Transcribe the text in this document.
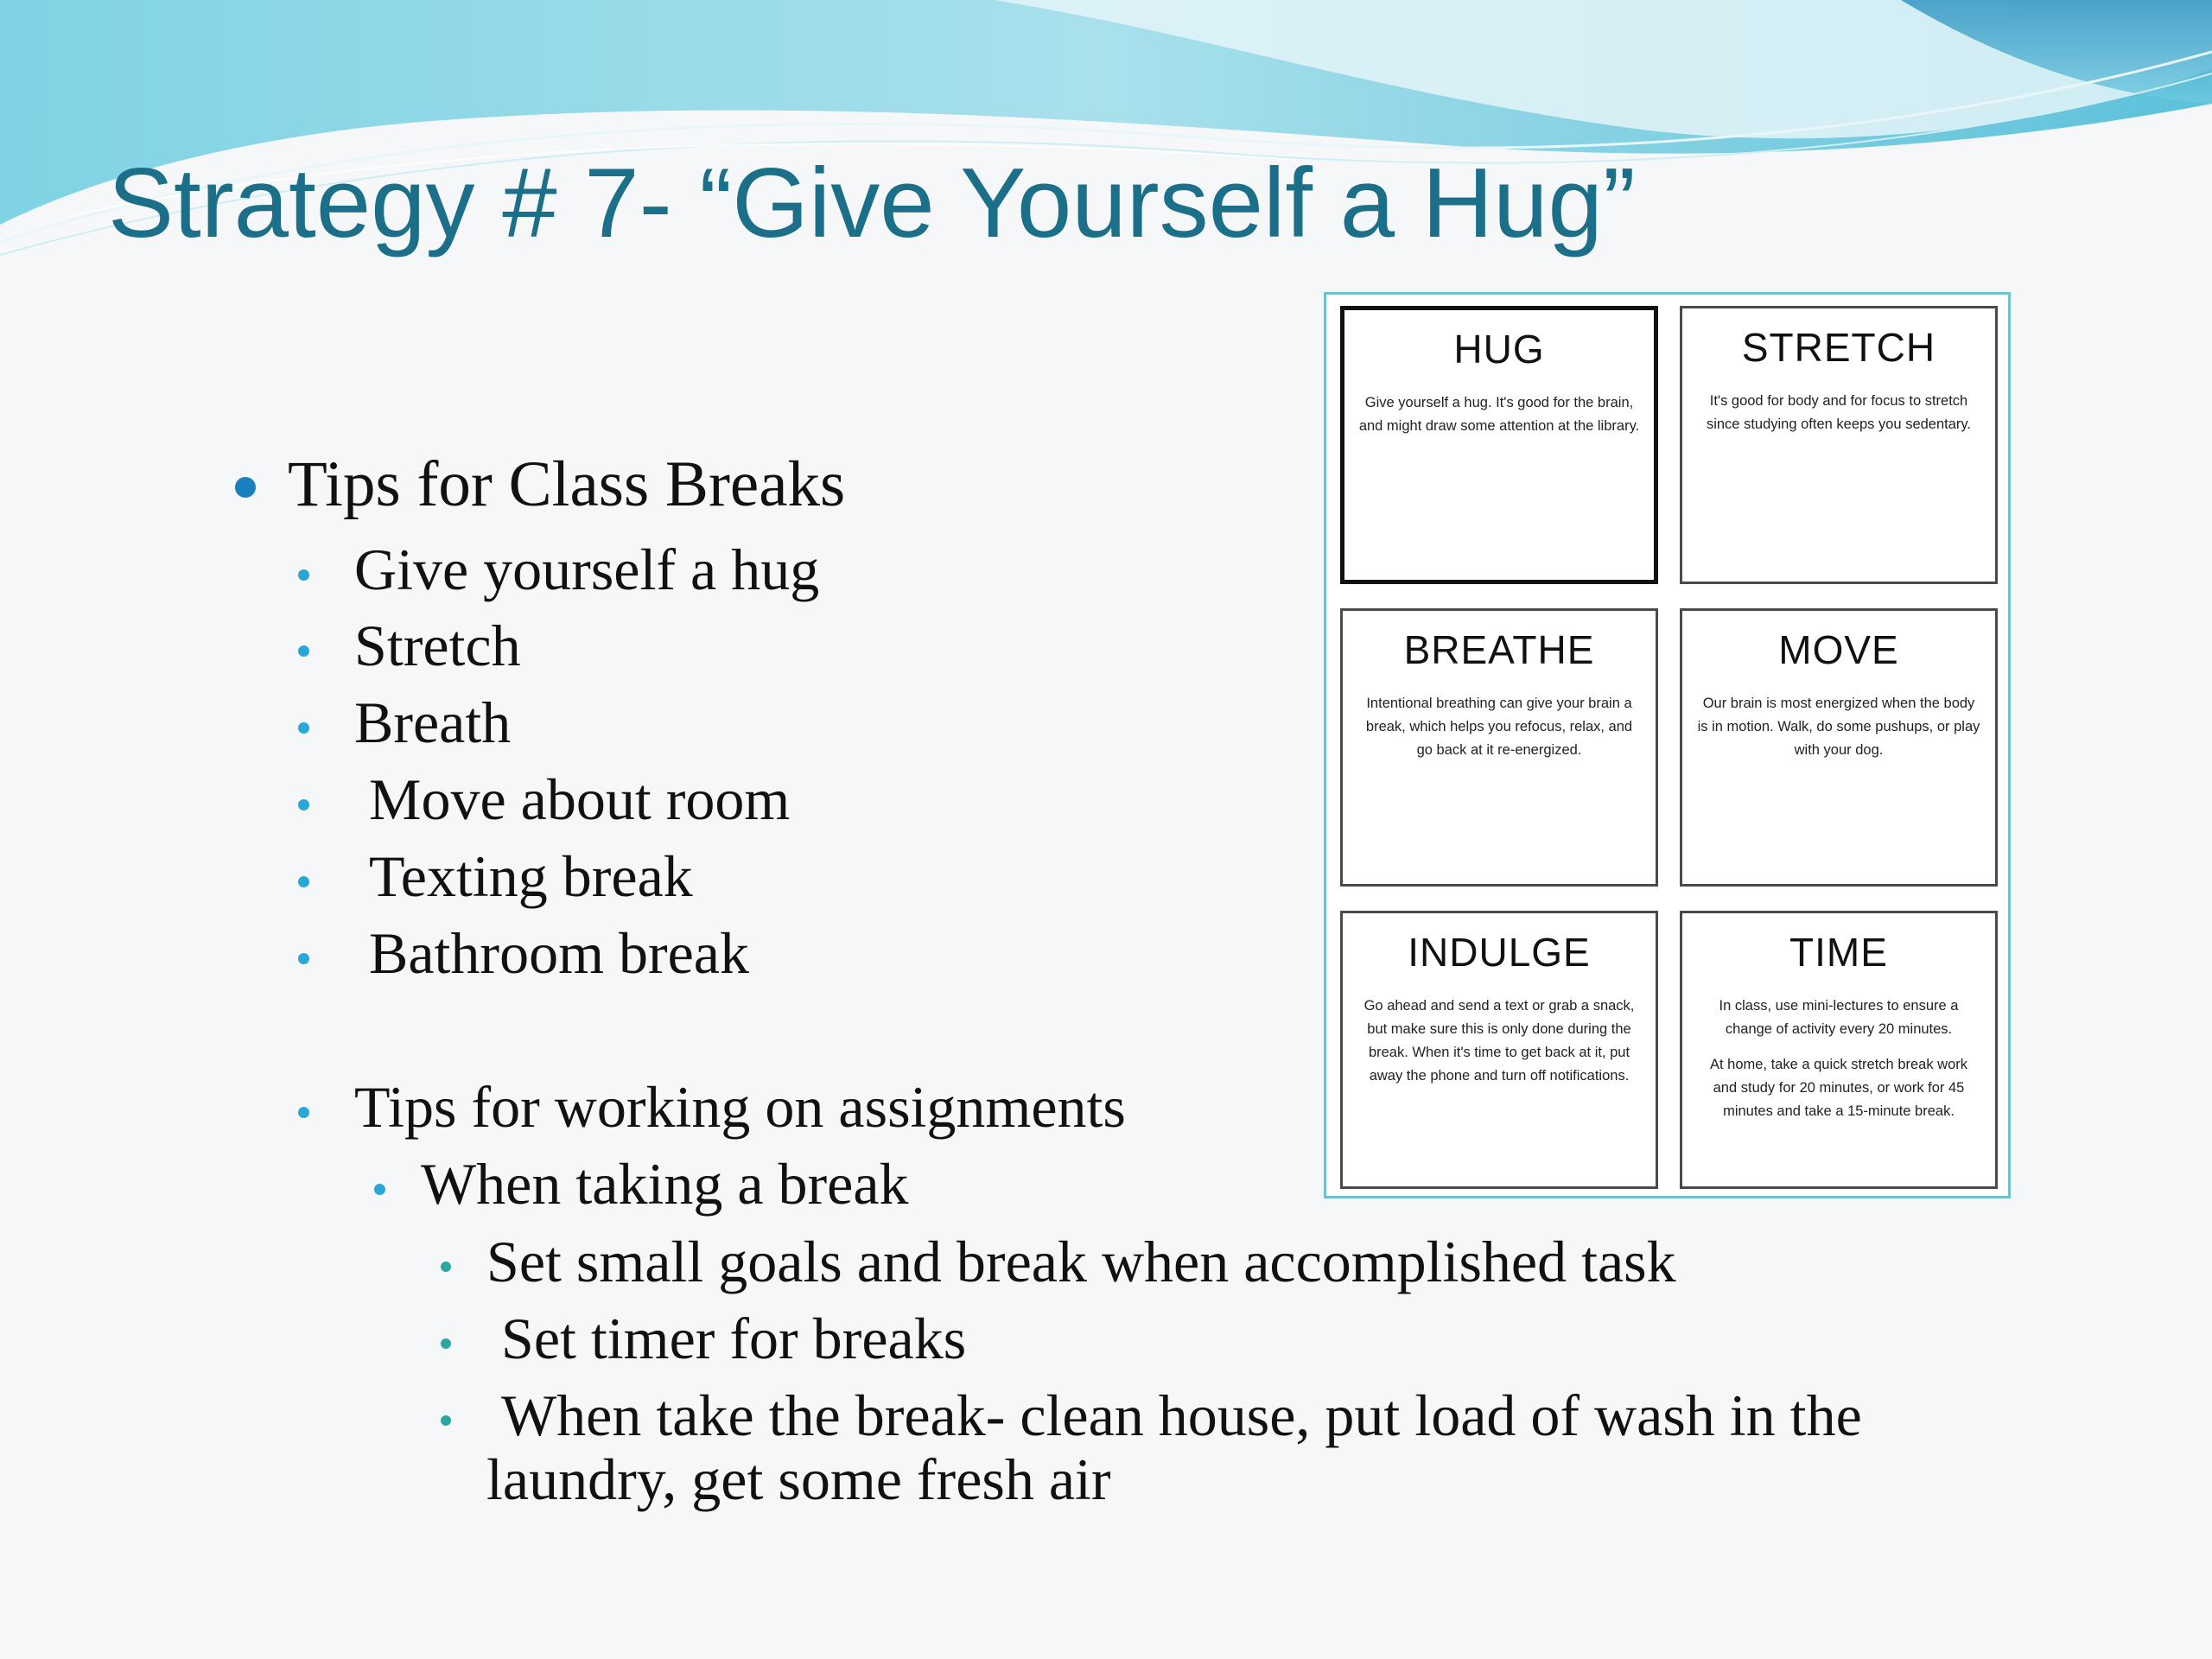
Strategy # 7- “Give Yourself a Hug”
Tips for Class Breaks
Give yourself a hug
Stretch
Breath
Move about room
Texting break
Bathroom break
Tips for working on assignments
When taking a break
Set small goals and break when accomplished task
Set timer for breaks
When take the break- clean house, put load of wash in the
laundry, get some fresh air
HUG
Give yourself a hug. It's good for the brain, and might draw some attention at the library.
STRETCH
It's good for body and for focus to stretch since studying often keeps you sedentary.
BREATHE
Intentional breathing can give your brain a break, which helps you refocus, relax, and go back at it re-energized.
MOVE
Our brain is most energized when the body is in motion. Walk, do some pushups, or play with your dog.
INDULGE
Go ahead and send a text or grab a snack, but make sure this is only done during the break. When it's time to get back at it, put away the phone and turn off notifications.
TIME
In class, use mini-lectures to ensure a change of activity every 20 minutes.
At home, take a quick stretch break work and study for 20 minutes, or work for 45 minutes and take a 15-minute break.
